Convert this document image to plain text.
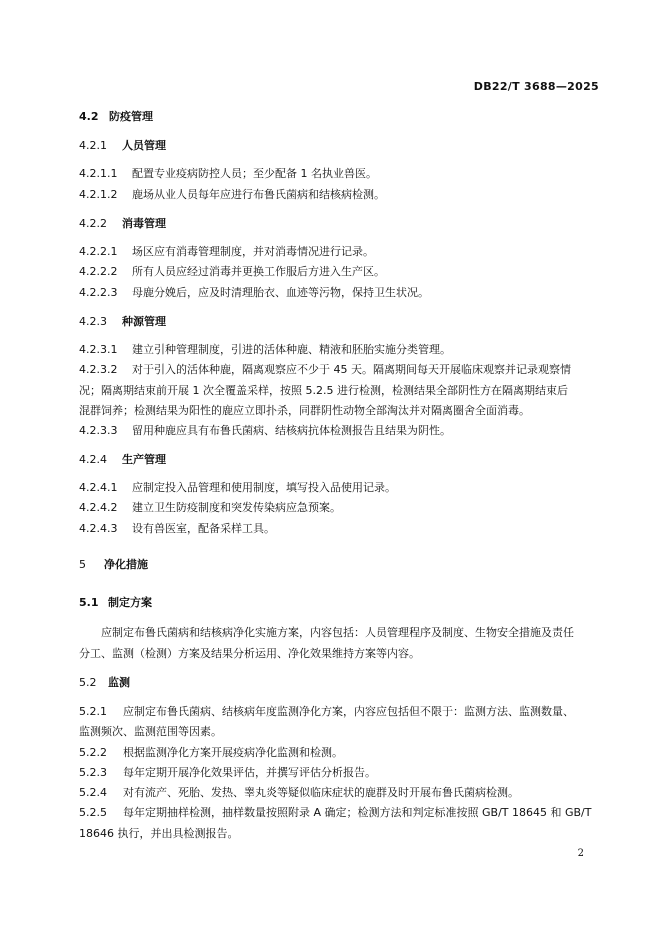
DB22/T 3688—2025
4.2 防疫管理
4.2.1 人员管理
4.2.1.1 配置专业疫病防控人员；至少配备 1 名执业兽医。
4.2.1.2 鹿场从业人员每年应进行布鲁氏菌病和结核病检测。
4.2.2 消毒管理
4.2.2.1 场区应有消毒管理制度，并对消毒情况进行记录。
4.2.2.2 所有人员应经过消毒并更换工作服后方进入生产区。
4.2.2.3 母鹿分娩后，应及时清理胎衣、血迹等污物，保持卫生状况。
4.2.3 种源管理
4.2.3.1 建立引种管理制度，引进的活体种鹿、精液和胚胎实施分类管理。
4.2.3.2 对于引入的活体种鹿，隔离观察应不少于 45 天。隔离期间每天开展临床观察并记录观察情
况；隔离期结束前开展 1 次全覆盖采样，按照 5.2.5 进行检测，检测结果全部阴性方在隔离期结束后
混群饲养；检测结果为阳性的鹿应立即扑杀，同群阴性动物全部淘汰并对隔离圈舍全面消毒。
4.2.3.3 留用种鹿应具有布鲁氏菌病、结核病抗体检测报告且结果为阴性。
4.2.4 生产管理
4.2.4.1 应制定投入品管理和使用制度，填写投入品使用记录。
4.2.4.2 建立卫生防疫制度和突发传染病应急预案。
4.2.4.3 设有兽医室，配备采样工具。
5 净化措施
5.1 制定方案
应制定布鲁氏菌病和结核病净化实施方案，内容包括：人员管理程序及制度、生物安全措施及责任
分工、监测（检测）方案及结果分析运用、净化效果维持方案等内容。
5.2 监测
5.2.1 应制定布鲁氏菌病、结核病年度监测净化方案，内容应包括但不限于：监测方法、监测数量、
监测频次、监测范围等因素。
5.2.2 根据监测净化方案开展疫病净化监测和检测。
5.2.3 每年定期开展净化效果评估，并撰写评估分析报告。
5.2.4 对有流产、死胎、发热、睾丸炎等疑似临床症状的鹿群及时开展布鲁氏菌病检测。
5.2.5 每年定期抽样检测，抽样数量按照附录 A 确定；检测方法和判定标准按照 GB/T 18645 和 GB/T
18646 执行，并出具检测报告。
2
